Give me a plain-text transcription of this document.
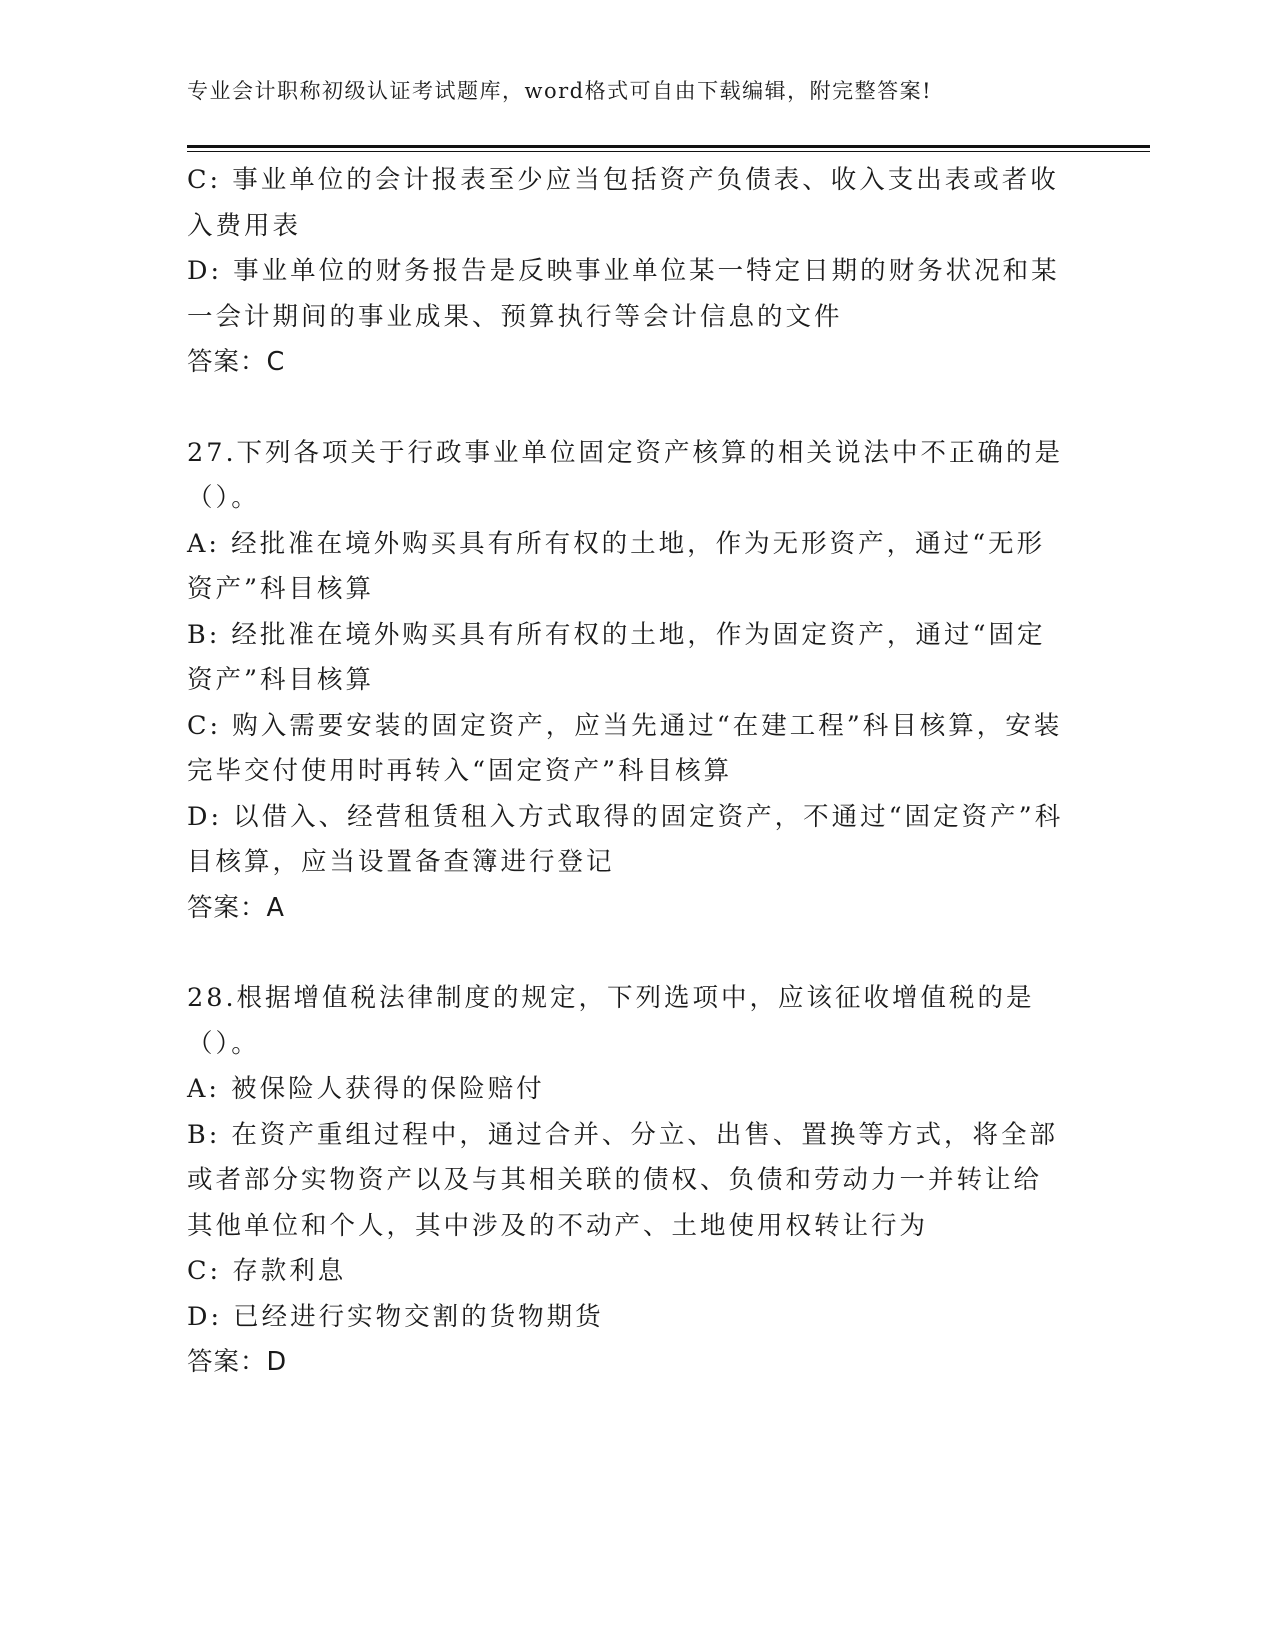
专业会计职称初级认证考试题库，word格式可自由下载编辑，附完整答案!

C: 事业单位的会计报表至少应当包括资产负债表、收入支出表或者收入费用表

D: 事业单位的财务报告是反映事业单位某一特定日期的财务状况和某一会计期间的事业成果、预算执行等会计信息的文件

答案：C

27.下列各项关于行政事业单位固定资产核算的相关说法中不正确的是（）。

A: 经批准在境外购买具有所有权的土地，作为无形资产，通过“无形资产”科目核算

B: 经批准在境外购买具有所有权的土地，作为固定资产，通过“固定资产”科目核算

C: 购入需要安装的固定资产，应当先通过“在建工程”科目核算，安装完毕交付使用时再转入“固定资产”科目核算

D: 以借入、经营租赁租入方式取得的固定资产，不通过“固定资产”科目核算，应当设置备查簿进行登记

答案：A

28.根据增值税法律制度的规定，下列选项中，应该征收增值税的是（）。

A: 被保险人获得的保险赔付

B: 在资产重组过程中，通过合并、分立、出售、置换等方式，将全部或者部分实物资产以及与其相关联的债权、负债和劳动力一并转让给其他单位和个人，其中涉及的不动产、土地使用权转让行为

C: 存款利息

D: 已经进行实物交割的货物期货

答案：D
